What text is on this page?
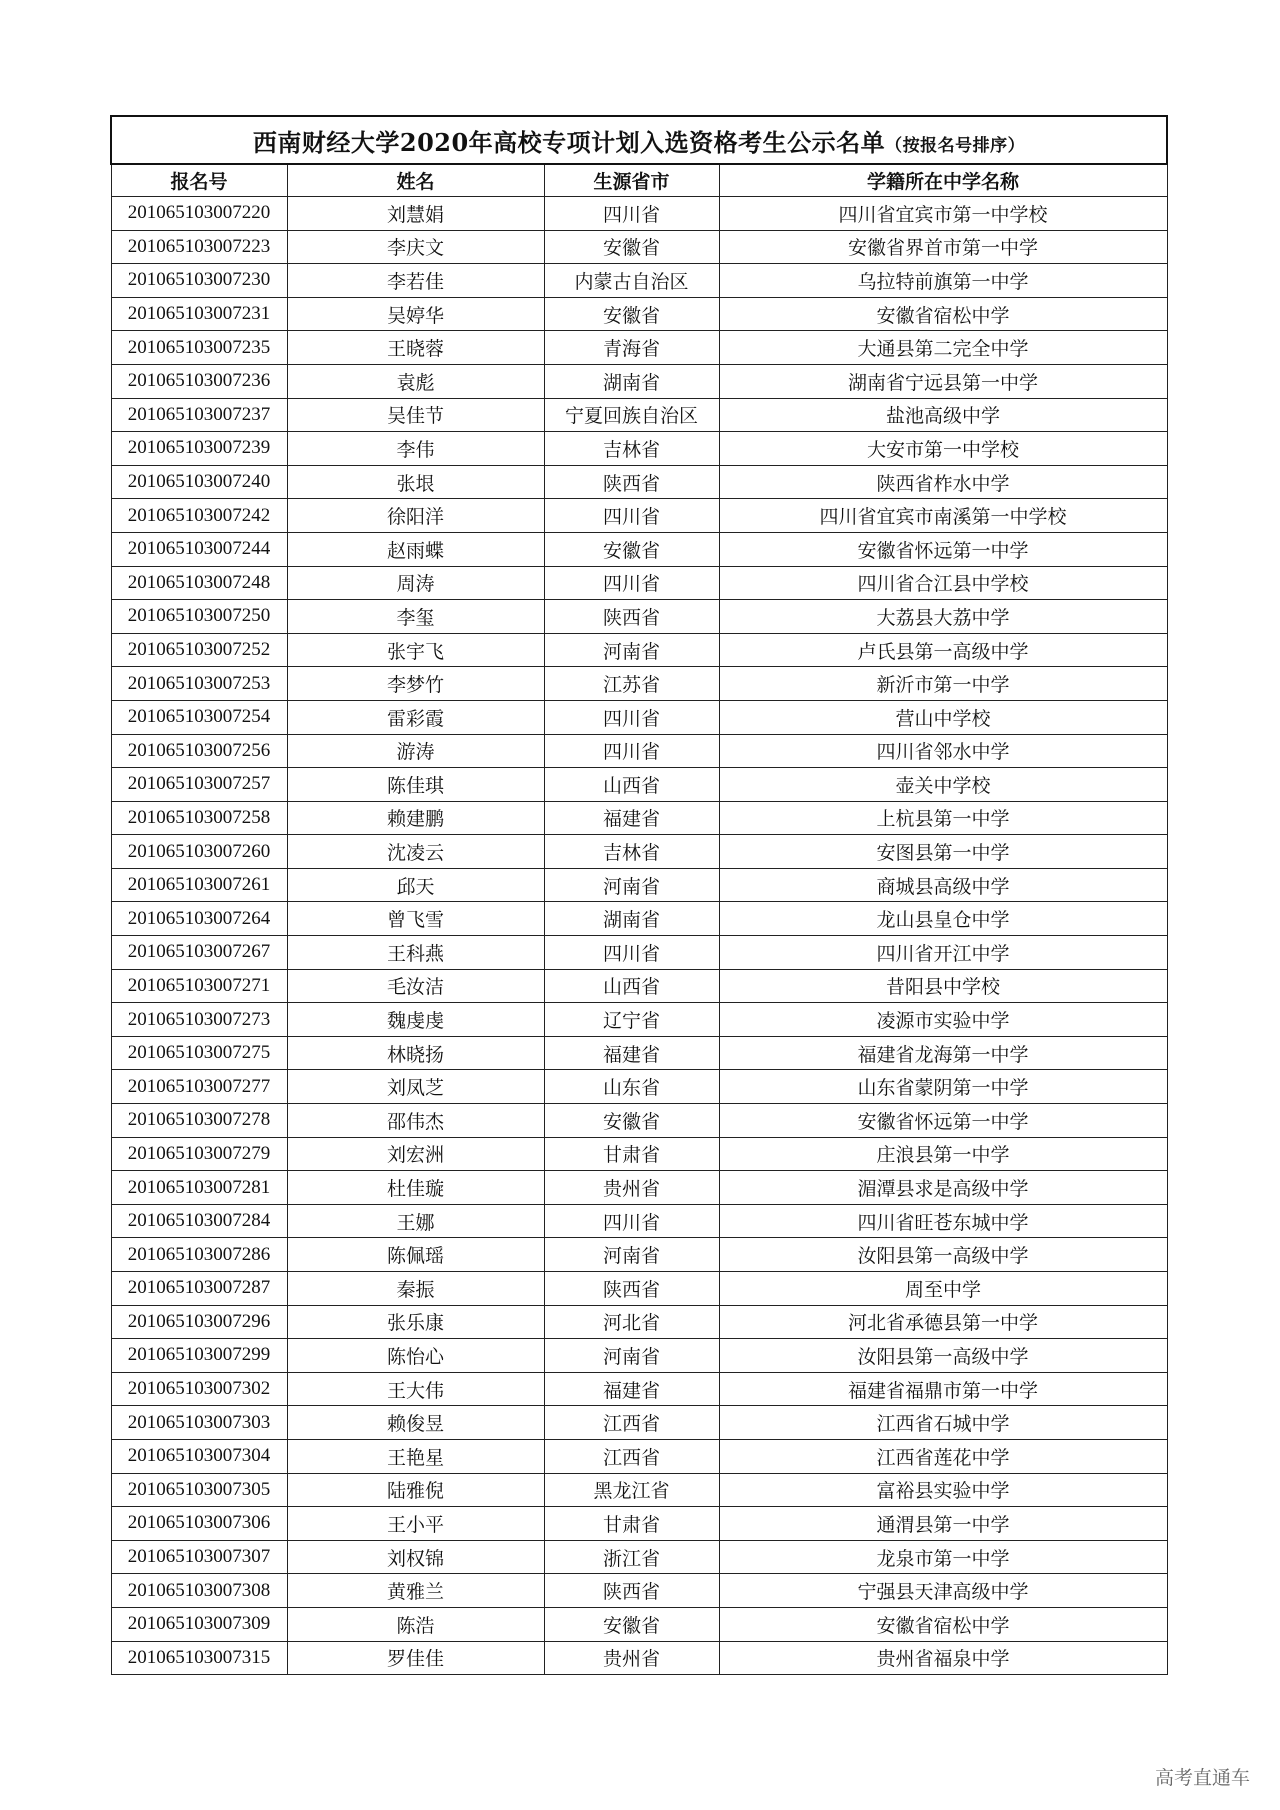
西南财经大学2020年高校专项计划入选资格考生公示名单（按报名号排序）			
报名号	姓名	生源省市	学籍所在中学名称
201065103007220	刘慧娟	四川省	四川省宜宾市第一中学校
201065103007223	李庆文	安徽省	安徽省界首市第一中学
201065103007230	李若佳	内蒙古自治区	乌拉特前旗第一中学
201065103007231	吴婷华	安徽省	安徽省宿松中学
201065103007235	王晓蓉	青海省	大通县第二完全中学
201065103007236	袁彪	湖南省	湖南省宁远县第一中学
201065103007237	吴佳节	宁夏回族自治区	盐池高级中学
201065103007239	李伟	吉林省	大安市第一中学校
201065103007240	张垠	陕西省	陕西省柞水中学
201065103007242	徐阳洋	四川省	四川省宜宾市南溪第一中学校
201065103007244	赵雨蝶	安徽省	安徽省怀远第一中学
201065103007248	周涛	四川省	四川省合江县中学校
201065103007250	李玺	陕西省	大荔县大荔中学
201065103007252	张宇飞	河南省	卢氏县第一高级中学
201065103007253	李梦竹	江苏省	新沂市第一中学
201065103007254	雷彩霞	四川省	营山中学校
201065103007256	游涛	四川省	四川省邻水中学
201065103007257	陈佳琪	山西省	壶关中学校
201065103007258	赖建鹏	福建省	上杭县第一中学
201065103007260	沈凌云	吉林省	安图县第一中学
201065103007261	邱天	河南省	商城县高级中学
201065103007264	曾飞雪	湖南省	龙山县皇仓中学
201065103007267	王科燕	四川省	四川省开江中学
201065103007271	毛汝洁	山西省	昔阳县中学校
201065103007273	魏虔虔	辽宁省	凌源市实验中学
201065103007275	林晓扬	福建省	福建省龙海第一中学
201065103007277	刘凤芝	山东省	山东省蒙阴第一中学
201065103007278	邵伟杰	安徽省	安徽省怀远第一中学
201065103007279	刘宏洲	甘肃省	庄浪县第一中学
201065103007281	杜佳璇	贵州省	湄潭县求是高级中学
201065103007284	王娜	四川省	四川省旺苍东城中学
201065103007286	陈佩瑶	河南省	汝阳县第一高级中学
201065103007287	秦振	陕西省	周至中学
201065103007296	张乐康	河北省	河北省承德县第一中学
201065103007299	陈怡心	河南省	汝阳县第一高级中学
201065103007302	王大伟	福建省	福建省福鼎市第一中学
201065103007303	赖俊昱	江西省	江西省石城中学
201065103007304	王艳星	江西省	江西省莲花中学
201065103007305	陆雅倪	黑龙江省	富裕县实验中学
201065103007306	王小平	甘肃省	通渭县第一中学
201065103007307	刘权锦	浙江省	龙泉市第一中学
201065103007308	黄雅兰	陕西省	宁强县天津高级中学
201065103007309	陈浩	安徽省	安徽省宿松中学
201065103007315	罗佳佳	贵州省	贵州省福泉中学
高考直通车
